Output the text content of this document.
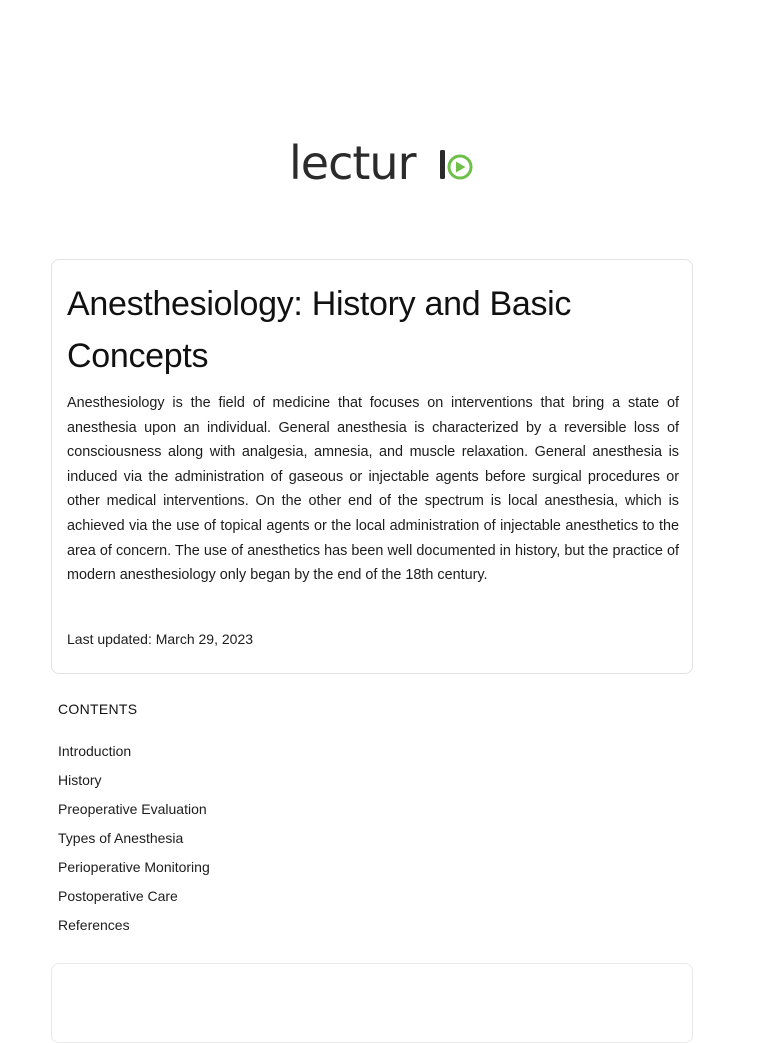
lectur
Anesthesiology: History and Basic Concepts

Anesthesiology is the field of medicine that focuses on interventions that bring a state of anesthesia upon an individual. General anesthesia is characterized by a reversible loss of consciousness along with analgesia, amnesia, and muscle relaxation. General anesthesia is induced via the administration of gaseous or injectable agents before surgical procedures or other medical interventions. On the other end of the spectrum is local anesthesia, which is achieved via the use of topical agents or the local administration of injectable anesthetics to the area of concern. The use of anesthetics has been well documented in history, but the practice of modern anesthesiology only began by the end of the 18th century.

Last updated: March 29, 2023
CONTENTS
Introduction
History
Preoperative Evaluation
Types of Anesthesia
Perioperative Monitoring
Postoperative Care
References
